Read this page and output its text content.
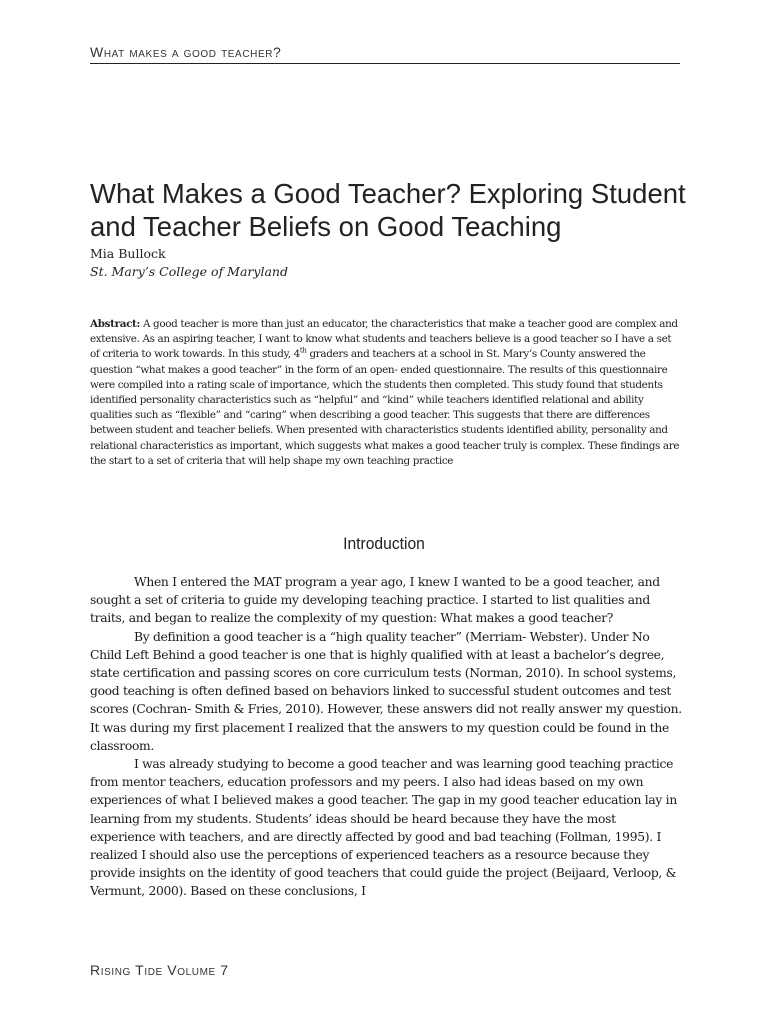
What makes a good teacher?
What Makes a Good Teacher? Exploring Student and Teacher Beliefs on Good Teaching
Mia Bullock
St. Mary’s College of Maryland

Abstract: A good teacher is more than just an educator, the characteristics that make a teacher good are complex and extensive. As an aspiring teacher, I want to know what students and teachers believe is a good teacher so I have a set of criteria to work towards. In this study, 4th graders and teachers at a school in St. Mary’s County answered the question “what makes a good teacher” in the form of an open- ended questionnaire. The results of this questionnaire were compiled into a rating scale of importance, which the students then completed. This study found that students identified personality characteristics such as “helpful” and “kind” while teachers identified relational and ability qualities such as “flexible” and “caring” when describing a good teacher. This suggests that there are differences between student and teacher beliefs. When presented with characteristics students identified ability, personality and relational characteristics as important, which suggests what makes a good teacher truly is complex. These findings are the start to a set of criteria that will help shape my own teaching practice

Introduction

When I entered the MAT program a year ago, I knew I wanted to be a good teacher, and sought a set of criteria to guide my developing teaching practice. I started to list qualities and traits, and began to realize the complexity of my question: What makes a good teacher?

By definition a good teacher is a “high quality teacher” (Merriam- Webster). Under No Child Left Behind a good teacher is one that is highly qualified with at least a bachelor’s degree, state certification and passing scores on core curriculum tests (Norman, 2010). In school systems, good teaching is often defined based on behaviors linked to successful student outcomes and test scores (Cochran- Smith & Fries, 2010). However, these answers did not really answer my question. It was during my first placement I realized that the answers to my question could be found in the classroom.

I was already studying to become a good teacher and was learning good teaching practice from mentor teachers, education professors and my peers. I also had ideas based on my own experiences of what I believed makes a good teacher. The gap in my good teacher education lay in learning from my students. Students’ ideas should be heard because they have the most experience with teachers, and are directly affected by good and bad teaching (Follman, 1995). I realized I should also use the perceptions of experienced teachers as a resource because they provide insights on the identity of good teachers that could guide the project (Beijaard, Verloop, & Vermunt, 2000). Based on these conclusions, I

Rising Tide Volume 7
